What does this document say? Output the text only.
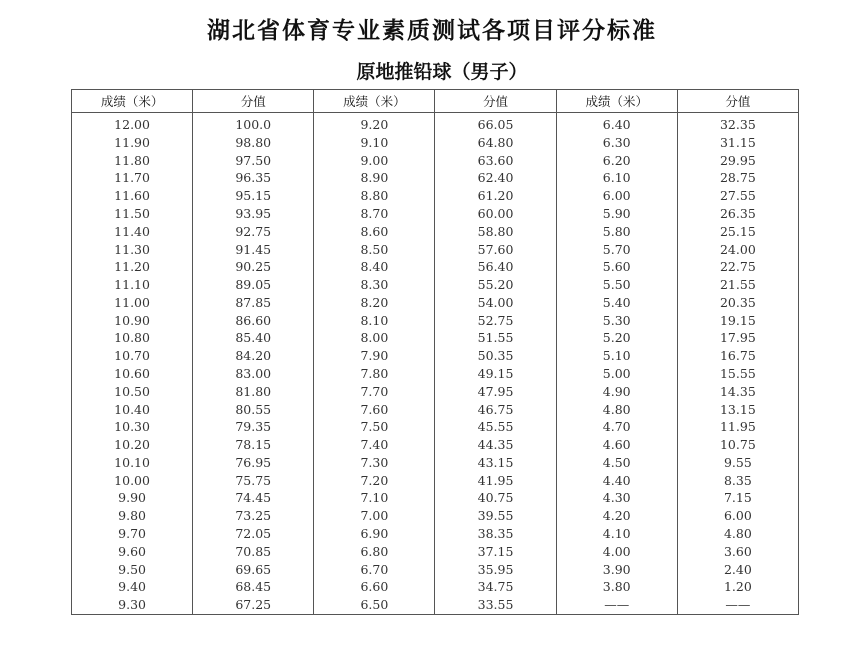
湖北省体育专业素质测试各项目评分标准
原地推铅球（男子）
成绩（米）	分值	成绩（米）	分值	成绩（米）	分值
12.00	100.0	9.20	66.05	6.40	32.35
11.90	98.80	9.10	64.80	6.30	31.15
11.80	97.50	9.00	63.60	6.20	29.95
11.70	96.35	8.90	62.40	6.10	28.75
11.60	95.15	8.80	61.20	6.00	27.55
11.50	93.95	8.70	60.00	5.90	26.35
11.40	92.75	8.60	58.80	5.80	25.15
11.30	91.45	8.50	57.60	5.70	24.00
11.20	90.25	8.40	56.40	5.60	22.75
11.10	89.05	8.30	55.20	5.50	21.55
11.00	87.85	8.20	54.00	5.40	20.35
10.90	86.60	8.10	52.75	5.30	19.15
10.80	85.40	8.00	51.55	5.20	17.95
10.70	84.20	7.90	50.35	5.10	16.75
10.60	83.00	7.80	49.15	5.00	15.55
10.50	81.80	7.70	47.95	4.90	14.35
10.40	80.55	7.60	46.75	4.80	13.15
10.30	79.35	7.50	45.55	4.70	11.95
10.20	78.15	7.40	44.35	4.60	10.75
10.10	76.95	7.30	43.15	4.50	9.55
10.00	75.75	7.20	41.95	4.40	8.35
9.90	74.45	7.10	40.75	4.30	7.15
9.80	73.25	7.00	39.55	4.20	6.00
9.70	72.05	6.90	38.35	4.10	4.80
9.60	70.85	6.80	37.15	4.00	3.60
9.50	69.65	6.70	35.95	3.90	2.40
9.40	68.45	6.60	34.75	3.80	1.20
9.30	67.25	6.50	33.55	——	——
